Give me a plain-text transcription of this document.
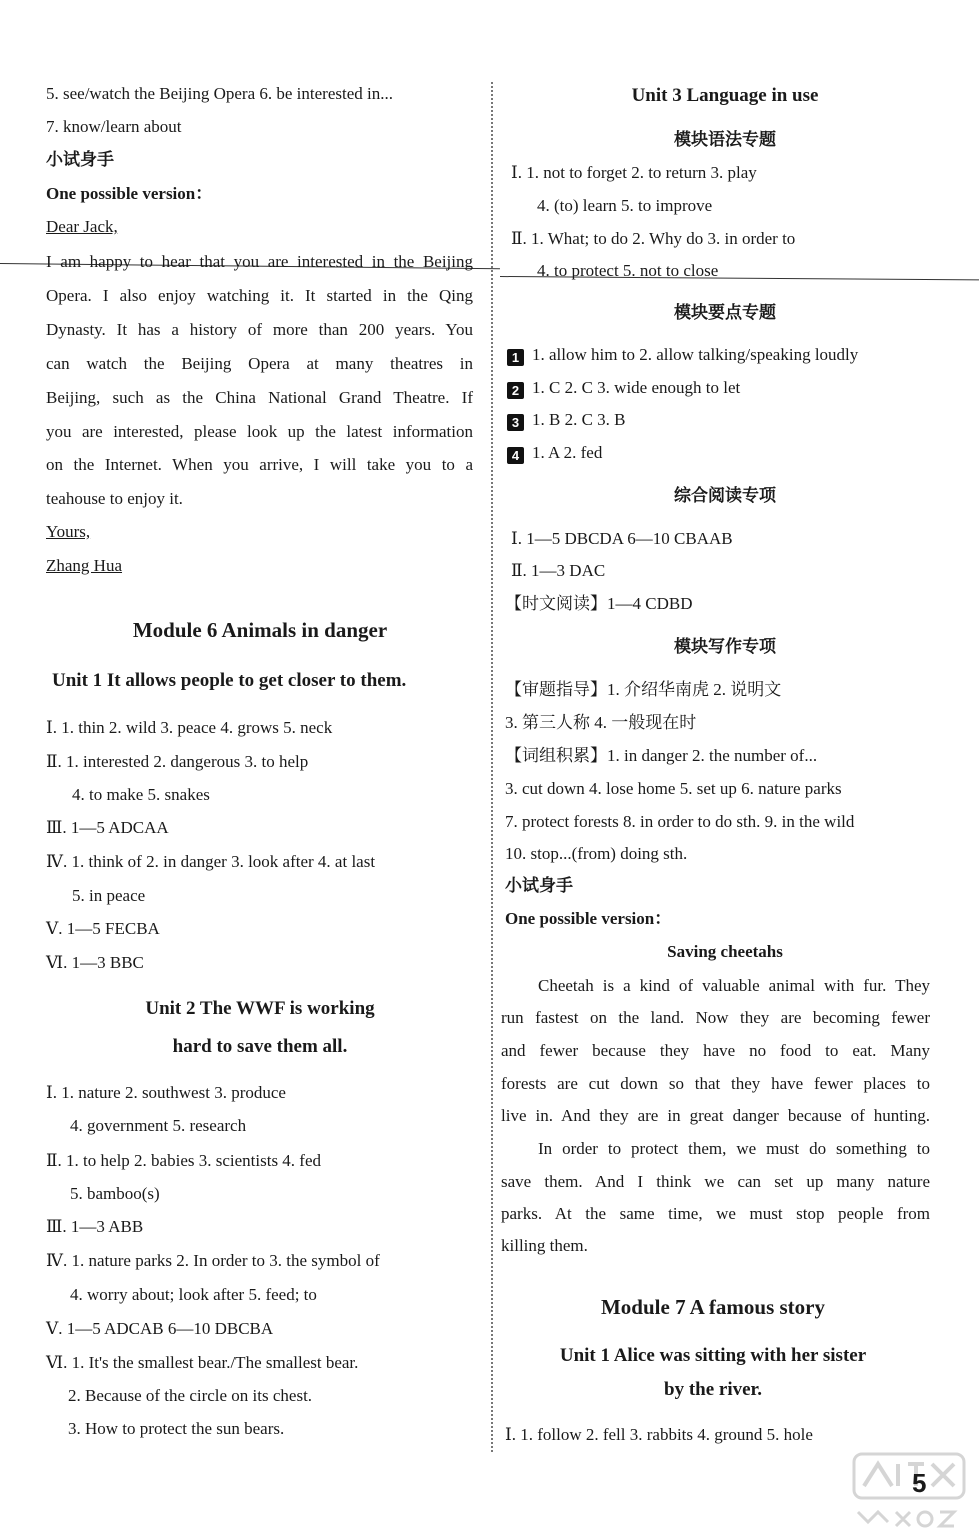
5. see/watch the Beijing Opera 6. be interested in...
7. know/learn about
小试身手
One possible version：
Dear Jack,
I am happy to hear that you are interested in the Beijing
Opera. I also enjoy watching it. It started in the Qing
Dynasty. It has a history of more than 200 years. You
can watch the Beijing Opera at many theatres in
Beijing, such as the China National Grand Theatre. If
you are interested, please look up the latest information
on the Internet. When you arrive, I will take you to a
teahouse to enjoy it.
Yours,
Zhang Hua
Module 6 Animals in danger
Unit 1 It allows people to get closer to them.
Ⅰ. 1. thin 2. wild 3. peace 4. grows 5. neck
Ⅱ. 1. interested 2. dangerous 3. to help
4. to make 5. snakes
Ⅲ. 1—5 ADCAA
Ⅳ. 1. think of 2. in danger 3. look after 4. at last
5. in peace
Ⅴ. 1—5 FECBA
Ⅵ. 1—3 BBC
Unit 2 The WWF is working
hard to save them all.
Ⅰ. 1. nature 2. southwest 3. produce
4. government 5. research
Ⅱ. 1. to help 2. babies 3. scientists 4. fed
5. bamboo(s)
Ⅲ. 1—3 ABB
Ⅳ. 1. nature parks 2. In order to 3. the symbol of
4. worry about; look after 5. feed; to
Ⅴ. 1—5 ADCAB 6—10 DBCBA
Ⅵ. 1. It's the smallest bear./The smallest bear.
2. Because of the circle on its chest.
3. How to protect the sun bears.
Unit 3 Language in use
模块语法专题
Ⅰ. 1. not to forget 2. to return 3. play
4. (to) learn 5. to improve
Ⅱ. 1. What; to do 2. Why do 3. in order to
4. to protect 5. not to close
模块要点专题
1 1. allow him to 2. allow talking/speaking loudly
2 1. C 2. C 3. wide enough to let
3 1. B 2. C 3. B
4 1. A 2. fed
综合阅读专项
Ⅰ. 1—5 DBCDA 6—10 CBAAB
Ⅱ. 1—3 DAC
【时文阅读】1—4 CDBD
模块写作专项
【审题指导】1. 介绍华南虎 2. 说明文
3. 第三人称 4. 一般现在时
【词组积累】1. in danger 2. the number of...
3. cut down 4. lose home 5. set up 6. nature parks
7. protect forests 8. in order to do sth. 9. in the wild
10. stop...(from) doing sth.
小试身手
One possible version：
Saving cheetahs
Cheetah is a kind of valuable animal with fur. They
run fastest on the land. Now they are becoming fewer
and fewer because they have no food to eat. Many
forests are cut down so that they have fewer places to
live in. And they are in great danger because of hunting.
In order to protect them, we must do something to
save them. And I think we can set up many nature
parks. At the same time, we must stop people from
killing them.
Module 7 A famous story
Unit 1 Alice was sitting with her sister
by the river.
Ⅰ. 1. follow 2. fell 3. rabbits 4. ground 5. hole
5
